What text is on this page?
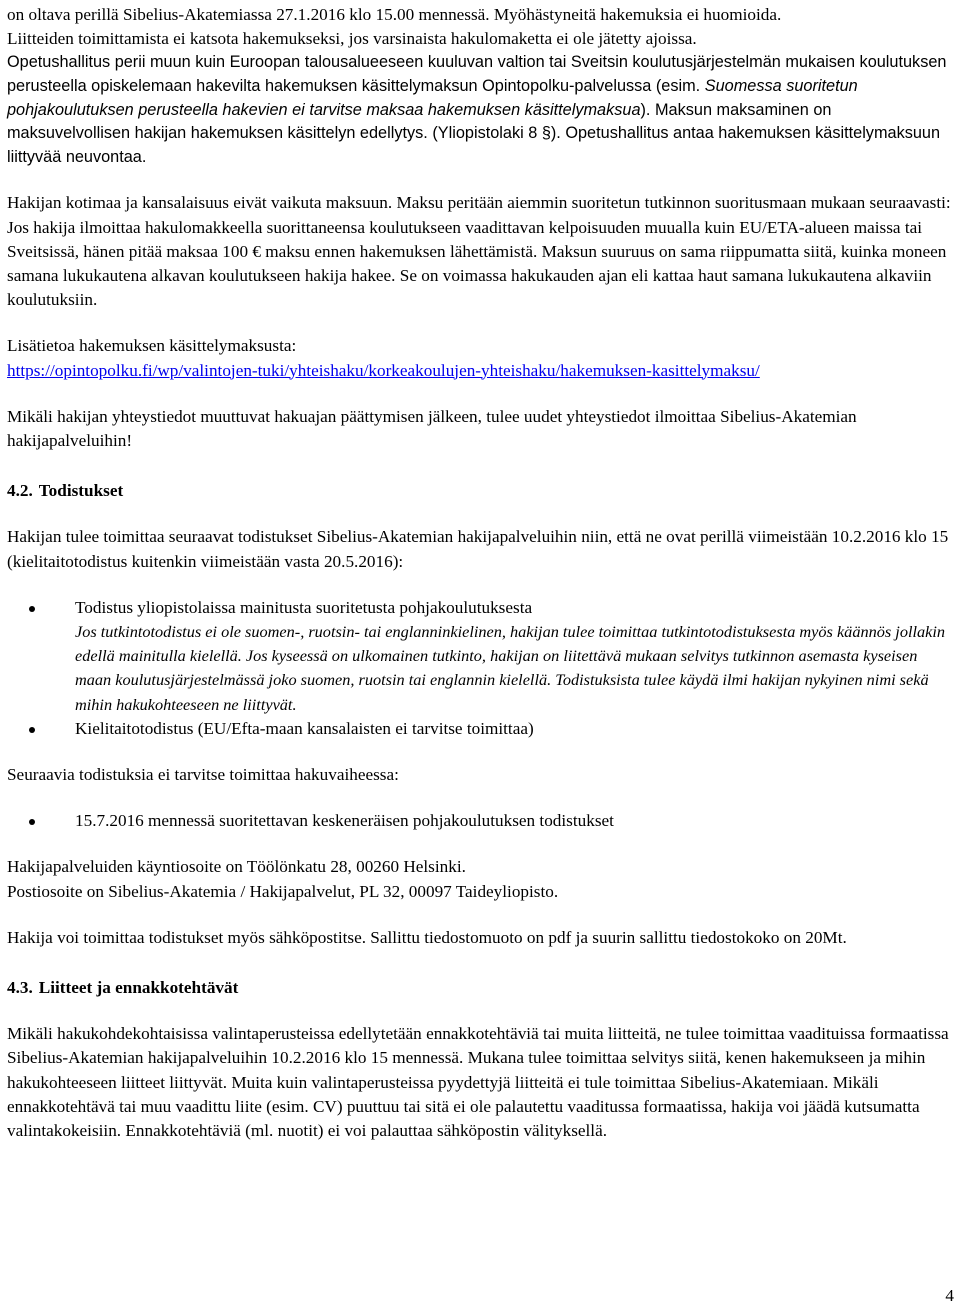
on oltava perillä Sibelius-Akatemiassa 27.1.2016 klo 15.00 mennessä. Myöhästyneitä hakemuksia ei huomioida.

Liitteiden toimittamista ei katsota hakemukseksi, jos varsinaista hakulomaketta ei ole jätetty ajoissa.

Opetushallitus perii muun kuin Euroopan talousalueeseen kuuluvan valtion tai Sveitsin koulutusjärjestelmän mukaisen koulutuksen perusteella opiskelemaan hakevilta hakemuksen käsittelymaksun Opintopolku-palvelussa (esim. Suomessa suoritetun pohjakoulutuksen perusteella hakevien ei tarvitse maksaa hakemuksen käsittelymaksua). Maksun maksaminen on maksuvelvollisen hakijan hakemuksen käsittelyn edellytys. (Yliopistolaki 8 §). Opetushallitus antaa hakemuksen käsittelymaksuun liittyvää neuvontaa.

Hakijan kotimaa ja kansalaisuus eivät vaikuta maksuun. Maksu peritään aiemmin suoritetun tutkinnon suoritusmaan mukaan seuraavasti: Jos hakija ilmoittaa hakulomakkeella suorittaneensa koulutukseen vaadittavan kelpoisuuden muualla kuin EU/ETA-alueen maissa tai Sveitsissä, hänen pitää maksaa 100 € maksu ennen hakemuksen lähettämistä. Maksun suuruus on sama riippumatta siitä, kuinka moneen samana lukukautena alkavan koulutukseen hakija hakee. Se on voimassa hakukauden ajan eli kattaa haut samana lukukautena alkaviin koulutuksiin.

Lisätietoa hakemuksen käsittelymaksusta:

https://opintopolku.fi/wp/valintojen-tuki/yhteishaku/korkeakoulujen-yhteishaku/hakemuksen-kasittelymaksu/

Mikäli hakijan yhteystiedot muuttuvat hakuajan päättymisen jälkeen, tulee uudet yhteystiedot ilmoittaa Sibelius-Akatemian hakijapalveluihin!

4.2. Todistukset

Hakijan tulee toimittaa seuraavat todistukset Sibelius-Akatemian hakijapalveluihin niin, että ne ovat perillä viimeistään 10.2.2016 klo 15 (kielitaitotodistus kuitenkin viimeistään vasta 20.5.2016):

Todistus yliopistolaissa mainitusta suoritetusta pohjakoulutuksesta
Jos tutkintotodistus ei ole suomen-, ruotsin- tai englanninkielinen, hakijan tulee toimittaa tutkintotodistuksesta myös käännös jollakin edellä mainitulla kielellä. Jos kyseessä on ulkomainen tutkinto, hakijan on liitettävä mukaan selvitys tutkinnon asemasta kyseisen maan koulutusjärjestelmässä joko suomen, ruotsin tai englannin kielellä. Todistuksista tulee käydä ilmi hakijan nykyinen nimi sekä mihin hakukohteeseen ne liittyvät.
Kielitaitotodistus (EU/Efta-maan kansalaisten ei tarvitse toimittaa)

Seuraavia todistuksia ei tarvitse toimittaa hakuvaiheessa:

15.7.2016 mennessä suoritettavan keskeneräisen pohjakoulutuksen todistukset

Hakijapalveluiden käyntiosoite on Töölönkatu 28, 00260 Helsinki.

Postiosoite on Sibelius-Akatemia / Hakijapalvelut, PL 32, 00097 Taideyliopisto.

Hakija voi toimittaa todistukset myös sähköpostitse. Sallittu tiedostomuoto on pdf ja suurin sallittu tiedostokoko on 20Mt.

4.3. Liitteet ja ennakkotehtävät

Mikäli hakukohdekohtaisissa valintaperusteissa edellytetään ennakkotehtäviä tai muita liitteitä, ne tulee toimittaa vaadituissa formaatissa Sibelius-Akatemian hakijapalveluihin 10.2.2016 klo 15 mennessä. Mukana tulee toimittaa selvitys siitä, kenen hakemukseen ja mihin hakukohteeseen liitteet liittyvät. Muita kuin valintaperusteissa pyydettyjä liitteitä ei tule toimittaa Sibelius-Akatemiaan. Mikäli ennakkotehtävä tai muu vaadittu liite (esim. CV) puuttuu tai sitä ei ole palautettu vaaditussa formaatissa, hakija voi jäädä kutsumatta valintakokeisiin. Ennakkotehtäviä (ml. nuotit) ei voi palauttaa sähköpostin välityksellä.

4
